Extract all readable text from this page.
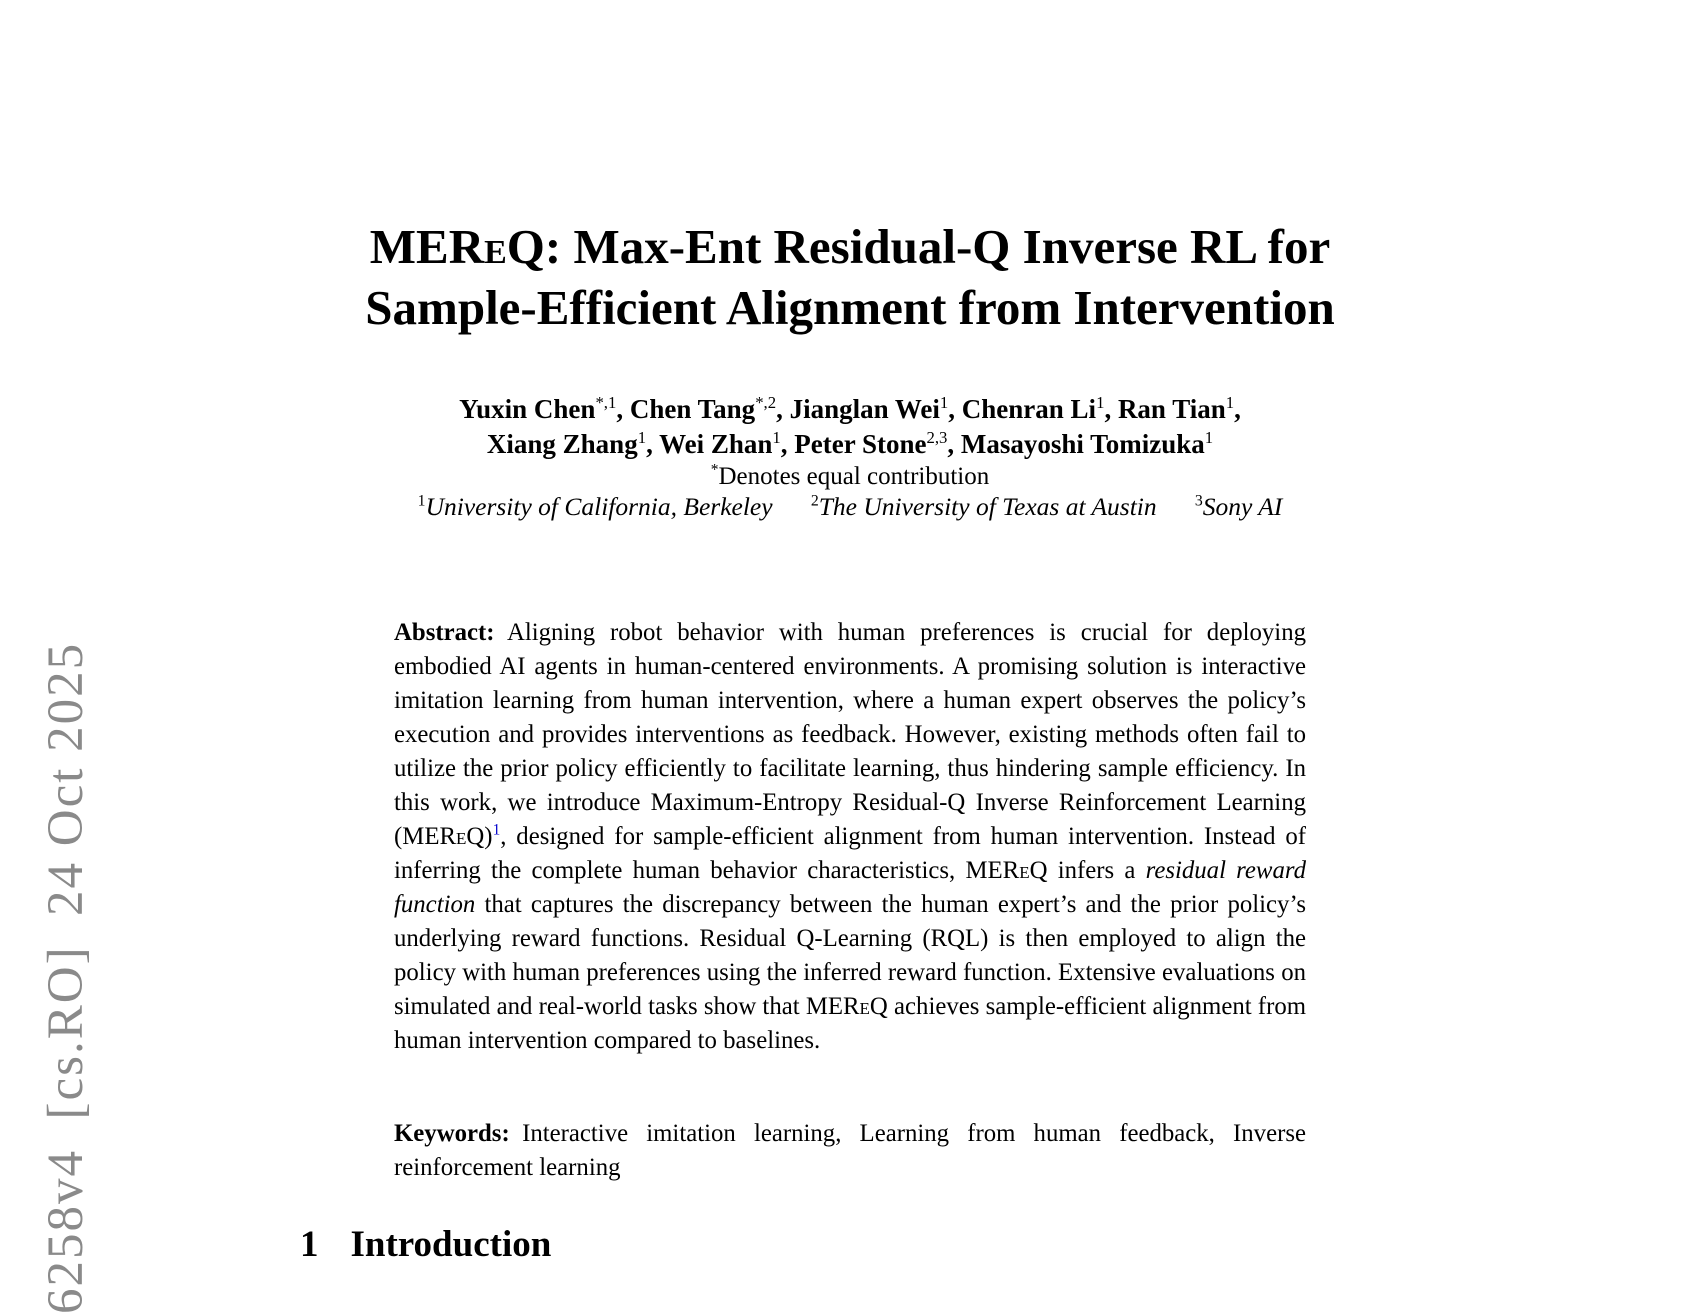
6258v4  [cs.RO]  24 Oct 2025
MEReQ: Max-Ent Residual-Q Inverse RL for
Sample-Efficient Alignment from Intervention
Yuxin Chen$^{*,1}$, Chen Tang$^{*,2}$, Jianglan Wei$^1$, Chenran Li$^1$, Ran Tian$^1$,
Xiang Zhang$^1$, Wei Zhan$^1$, Peter Stone$^{2,3}$, Masayoshi Tomizuka$^1$
*Denotes equal contribution
$^1$University of California, Berkeley   $^2$The University of Texas at Austin   $^3$Sony AI
Abstract: Aligning robot behavior with human preferences is crucial for deploying embodied AI agents in human-centered environments. A promising solution is interactive imitation learning from human intervention, where a human expert observes the policy’s execution and provides interventions as feedback. However, existing methods often fail to utilize the prior policy efficiently to facilitate learning, thus hindering sample efficiency. In this work, we introduce Maximum-Entropy Residual-Q Inverse Reinforcement Learning (MEReQ)$^1$, designed for sample-efficient alignment from human intervention. Instead of inferring the complete human behavior characteristics, MEReQ infers a residual reward function that captures the discrepancy between the human expert’s and the prior policy’s underlying reward functions. Residual Q-Learning (RQL) is then employed to align the policy with human preferences using the inferred reward function. Extensive evaluations on simulated and real-world tasks show that MEReQ achieves sample-efficient alignment from human intervention compared to baselines.
Keywords: Interactive imitation learning, Learning from human feedback, Inverse reinforcement learning
1 Introduction
